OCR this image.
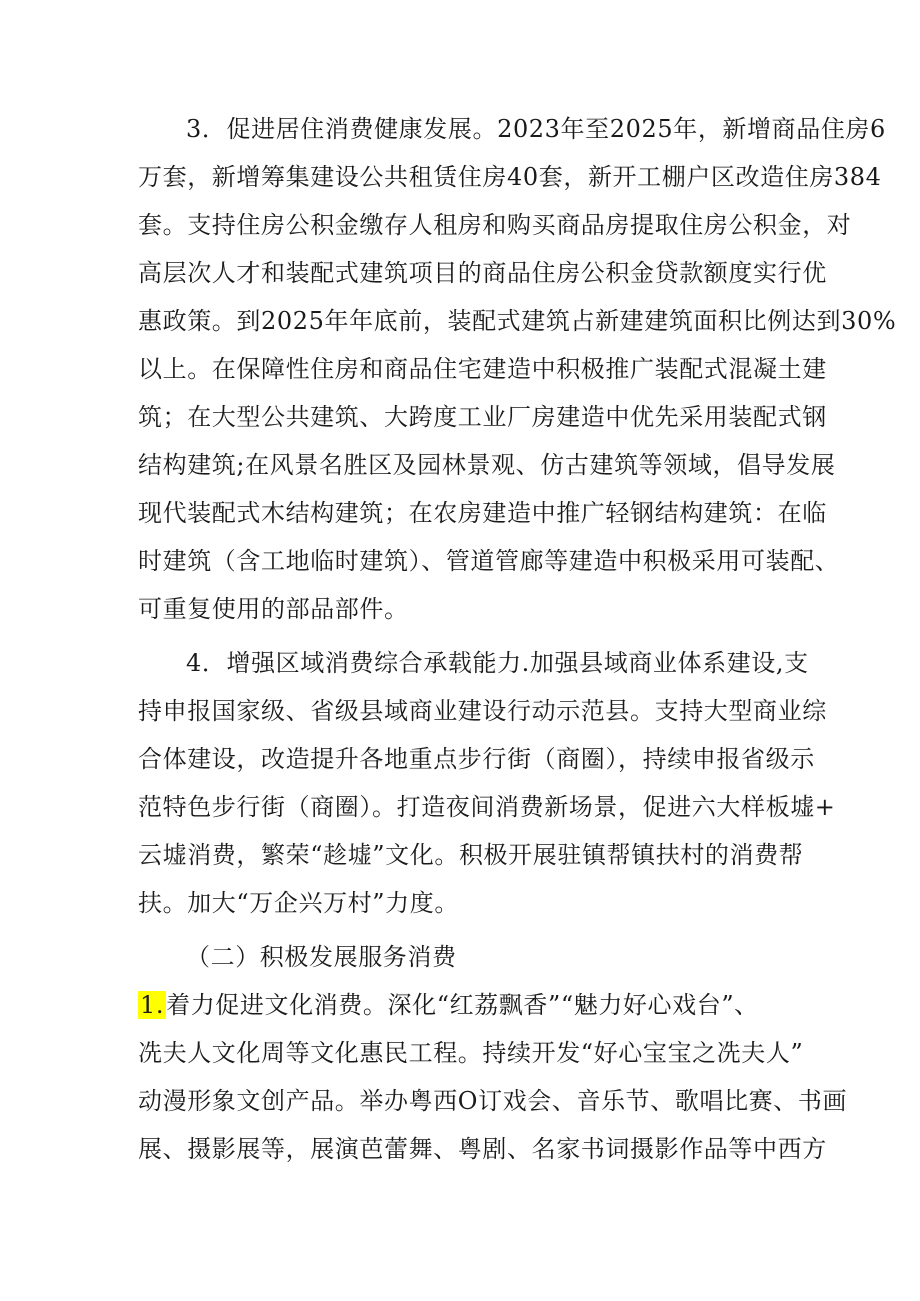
3．促进居住消费健康发展。2023年至2025年，新增商品住房6
万套，新增筹集建设公共租赁住房40套，新开工棚户区改造住房384
套。支持住房公积金缴存人租房和购买商品房提取住房公积金，对
高层次人才和装配式建筑项目的商品住房公积金贷款额度实行优
惠政策。到2025年年底前，装配式建筑占新建建筑面积比例达到30%
以上。在保障性住房和商品住宅建造中积极推广装配式混凝土建
筑；在大型公共建筑、大跨度工业厂房建造中优先采用装配式钢
结构建筑;在风景名胜区及园林景观、仿古建筑等领域，倡导发展
现代装配式木结构建筑；在农房建造中推广轻钢结构建筑：在临
时建筑（含工地临时建筑）、管道管廊等建造中积极采用可装配、
可重复使用的部品部件。
4．增强区域消费综合承载能力.加强县域商业体系建设,支
持申报国家级、省级县域商业建设行动示范县。支持大型商业综
合体建设，改造提升各地重点步行街（商圈），持续申报省级示
范特色步行街（商圈）。打造夜间消费新场景，促进六大样板墟+
云墟消费，繁荣“趁墟”文化。积极开展驻镇帮镇扶村的消费帮
扶。加大“万企兴万村”力度。
（二）积极发展服务消费
1.着力促进文化消费。深化“红荔飘香”“魅力好心戏台”、
冼夫人文化周等文化惠民工程。持续开发“好心宝宝之冼夫人”
动漫形象文创产品。举办粤西O订戏会、音乐节、歌唱比赛、书画
展、摄影展等，展演芭蕾舞、粤剧、名家书词摄影作品等中西方
